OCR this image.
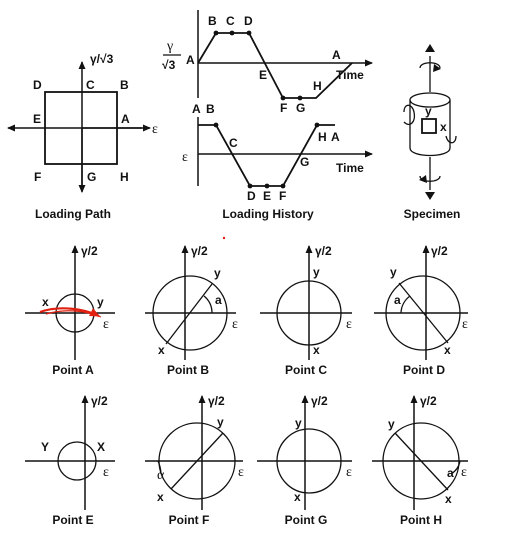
γ/√3
ε
D	C B
E	A
F	G H
Loading Path
γ
√3
B C D
A
E
F G
H
A
Time
ε
A B
C
D E F
G
H A
Time
Loading History
y
x
Specimen
γ/2
ε
x	y
Point A
γ/2
ε
y
x
a
Point B
γ/2
ε
y
x
Point C
γ/2
ε
y
x
a
Point D
γ/2
ε
Y	X
Point E
γ/2
ε
y
x
α
Point F
γ/2
ε
y
x
Point G
γ/2
ε
y
x
a
Point H
